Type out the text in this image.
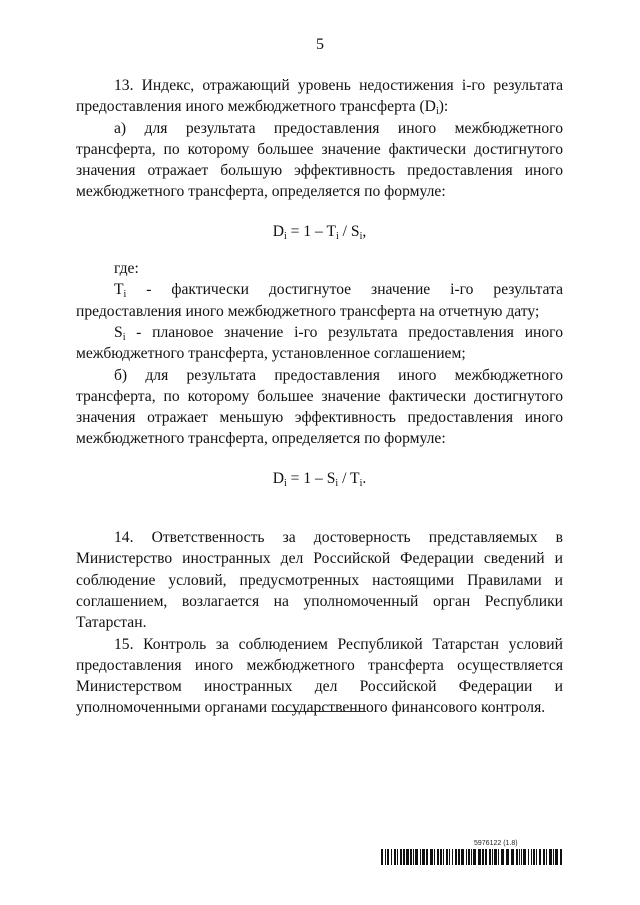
5

13. Индекс, отражающий уровень недостижения i-го результата предоставления иного межбюджетного трансферта $(D_i)$:

а) для результата предоставления иного межбюджетного трансферта, по которому большее значение фактически достигнутого значения отражает большую эффективность предоставления иного межбюджетного трансферта, определяется по формуле:

$D_i = 1 - T_i / S_i$,

где:

$T_i$ - фактически достигнутое значение i-го результата предоставления иного межбюджетного трансферта на отчетную дату;

$S_i$ - плановое значение i-го результата предоставления иного межбюджетного трансферта, установленное соглашением;

б) для результата предоставления иного межбюджетного трансферта, по которому большее значение фактически достигнутого значения отражает меньшую эффективность предоставления иного межбюджетного трансферта, определяется по формуле:

$D_i = 1 - S_i / T_i$.

14. Ответственность за достоверность представляемых в Министерство иностранных дел Российской Федерации сведений и соблюдение условий, предусмотренных настоящими Правилами и соглашением, возлагается на уполномоченный орган Республики Татарстан.

15. Контроль за соблюдением Республикой Татарстан условий предоставления иного межбюджетного трансферта осуществляется Министерством иностранных дел Российской Федерации и уполномоченными органами государственного финансового контроля.

5976122 (1.8)
